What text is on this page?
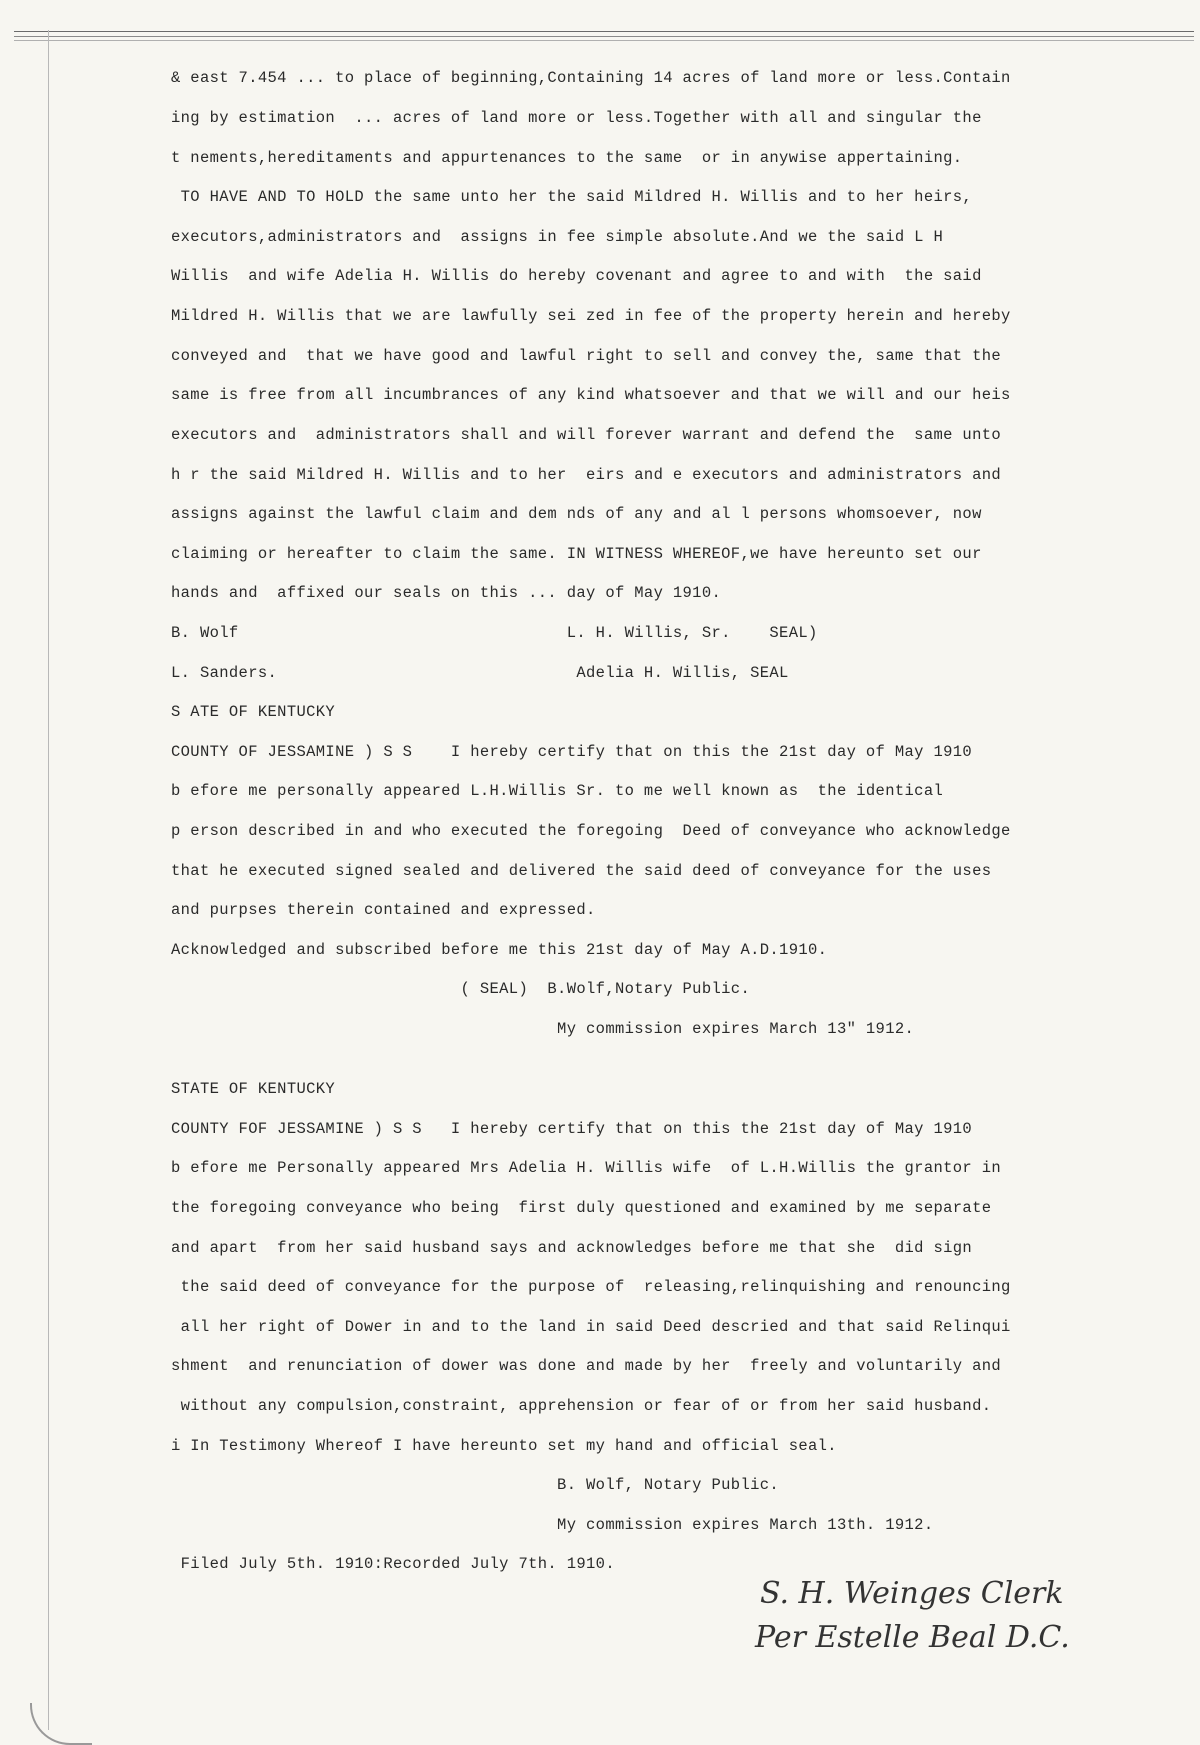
& east 7.454 ... to place of beginning,Containing 14 acres of land more or less.Contain
ing by estimation  ... acres of land more or less.Together with all and singular the
t nements,hereditaments and appurtenances to the same  or in anywise appertaining.
TO HAVE AND TO HOLD the same unto her the said Mildred H. Willis and to her heirs,
executors,administrators and  assigns in fee simple absolute.And we the said L H
Willis  and wife Adelia H. Willis do hereby covenant and agree to and with  the said
Mildred H. Willis that we are lawfully sei zed in fee of the property herein and hereby
conveyed and  that we have good and lawful right to sell and convey the, same that the
same is free from all incumbrances of any kind whatsoever and that we will and our heis
executors and  administrators shall and will forever warrant and defend the  same unto
h r the said Mildred H. Willis and to her  eirs and e executors and administrators and
assigns against the lawful claim and dem nds of any and al l persons whomsoever, now
claiming or hereafter to claim the same. IN WITNESS WHEREOF,we have hereunto set our
hands and  affixed our seals on this ... day of May 1910.
B. Wolf                                  L. H. Willis, Sr.    SEAL)
L. Sanders.                               Adelia H. Willis, SEAL
S ATE OF KENTUCKY
COUNTY OF JESSAMINE ) S S    I hereby certify that on this the 21st day of May 1910
b efore me personally appeared L.H.Willis Sr. to me well known as  the identical
p erson described in and who executed the foregoing  Deed of conveyance who acknowledge
that he executed signed sealed and delivered the said deed of conveyance for the uses
and purpses therein contained and expressed.
Acknowledged and subscribed before me this 21st day of May A.D.1910.
( SEAL)  B.Wolf,Notary Public.
My commission expires March 13" 1912.
STATE OF KENTUCKY
COUNTY FOF JESSAMINE ) S S   I hereby certify that on this the 21st day of May 1910
b efore me Personally appeared Mrs Adelia H. Willis wife  of L.H.Willis the grantor in
the foregoing conveyance who being  first duly questioned and examined by me separate
and apart  from her said husband says and acknowledges before me that she  did sign
the said deed of conveyance for the purpose of  releasing,relinquishing and renouncing
all her right of Dower in and to the land in said Deed descried and that said Relinqui
shment  and renunciation of dower was done and made by her  freely and voluntarily and
without any compulsion,constraint, apprehension or fear of or from her said husband.
i In Testimony Whereof I have hereunto set my hand and official seal.
B. Wolf, Notary Public.
My commission expires March 13th. 1912.
Filed July 5th. 1910:Recorded July 7th. 1910.
S. H. Weinges Clerk
Per Estelle Beal D.C.
